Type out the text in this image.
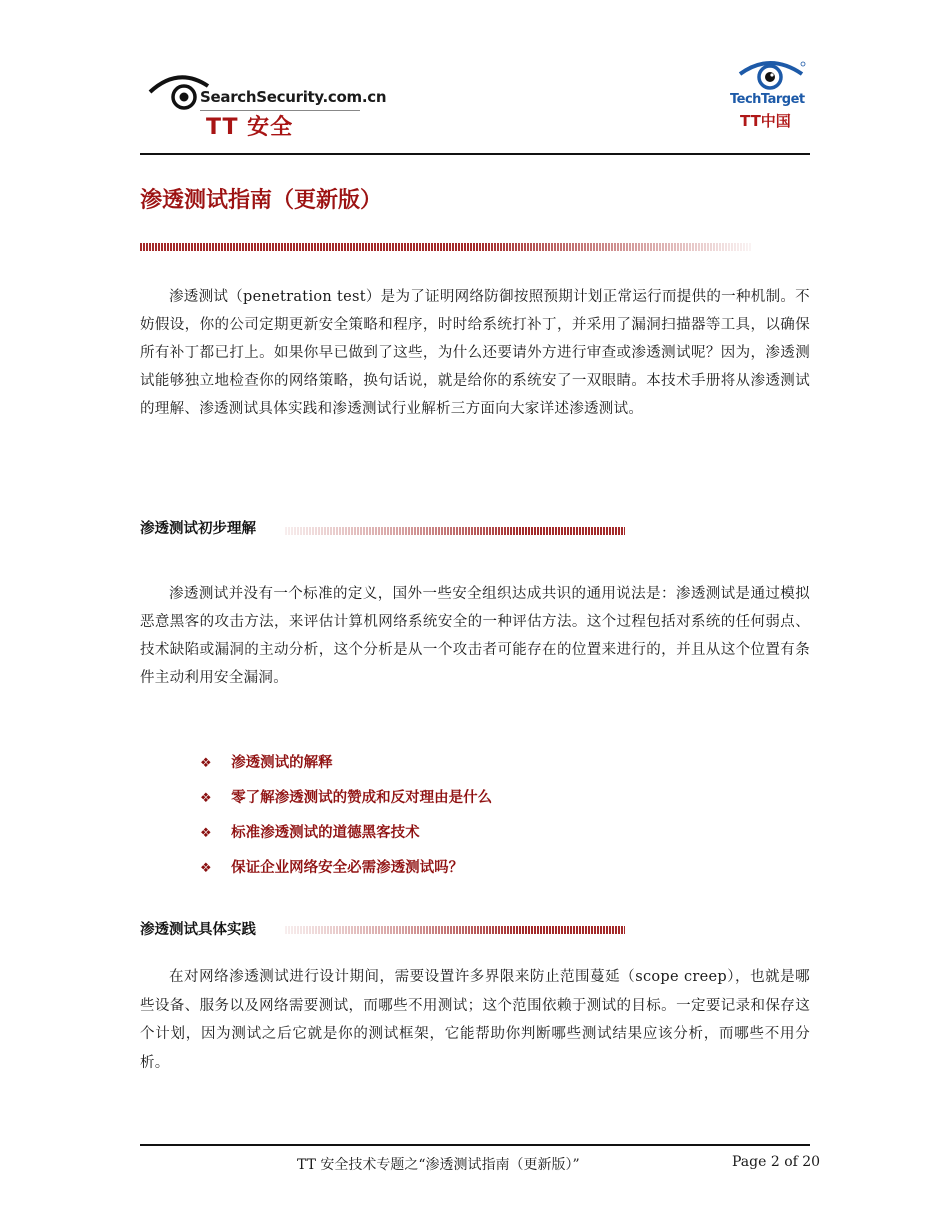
SearchSecurity.com.cn
TT 安全
TechTarget
TT中国
渗透测试指南（更新版）

渗透测试（penetration test）是为了证明网络防御按照预期计划正常运行而提供的一种机制。不妨假设，你的公司定期更新安全策略和程序，时时给系统打补丁，并采用了漏洞扫描器等工具，以确保所有补丁都已打上。如果你早已做到了这些，为什么还要请外方进行审查或渗透测试呢？因为，渗透测试能够独立地检查你的网络策略，换句话说，就是给你的系统安了一双眼睛。本技术手册将从渗透测试的理解、渗透测试具体实践和渗透测试行业解析三方面向大家详述渗透测试。

渗透测试初步理解

渗透测试并没有一个标准的定义，国外一些安全组织达成共识的通用说法是：渗透测试是通过模拟恶意黑客的攻击方法，来评估计算机网络系统安全的一种评估方法。这个过程包括对系统的任何弱点、技术缺陷或漏洞的主动分析，这个分析是从一个攻击者可能存在的位置来进行的，并且从这个位置有条件主动利用安全漏洞。

❖ 渗透测试的解释
❖ 零了解渗透测试的赞成和反对理由是什么
❖ 标准渗透测试的道德黑客技术
❖ 保证企业网络安全必需渗透测试吗？
渗透测试具体实践

在对网络渗透测试进行设计期间，需要设置许多界限来防止范围蔓延（scope creep），也就是哪些设备、服务以及网络需要测试，而哪些不用测试；这个范围依赖于测试的目标。一定要记录和保存这个计划，因为测试之后它就是你的测试框架，它能帮助你判断哪些测试结果应该分析，而哪些不用分析。

TT 安全技术专题之“渗透测试指南（更新版）”	Page 2 of 20
